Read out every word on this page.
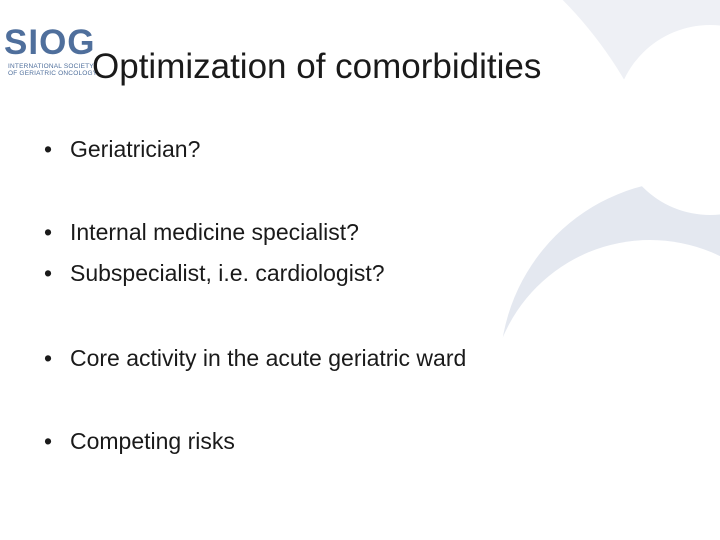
SIOG
INTERNATIONAL SOCIETY
OF GERIATRIC ONCOLOGY
Optimization of comorbidities
• Geriatrician?
• Internal medicine specialist?
• Subspecialist, i.e. cardiologist?
• Core activity in the acute geriatric ward
• Competing risks
